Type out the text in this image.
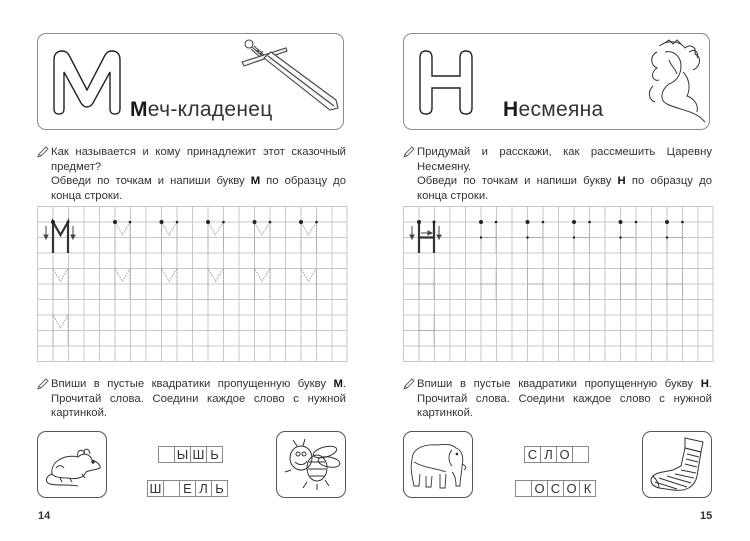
Меч-кладенец

Как называется и кому принадлежит этот сказочный предмет?

Обведи по точкам и напиши букву М по образцу до конца строки.

Впиши в пустые квадратики пропущенную букву М. Прочитай слова. Соедини каждое слово с нужной картинкой.

Ы Ш Ь
Ш	Е Л Ь
14
Несмеяна

Придумай и расскажи, как рассмешить Царевну Несмеяну.

Обведи по точкам и напиши букву Н по образцу до конца строки.

Впиши в пустые квадратики пропущенную букву Н. Прочитай слова. Соедини каждое слово с нужной картинкой.

С Л О
О С О К
15
